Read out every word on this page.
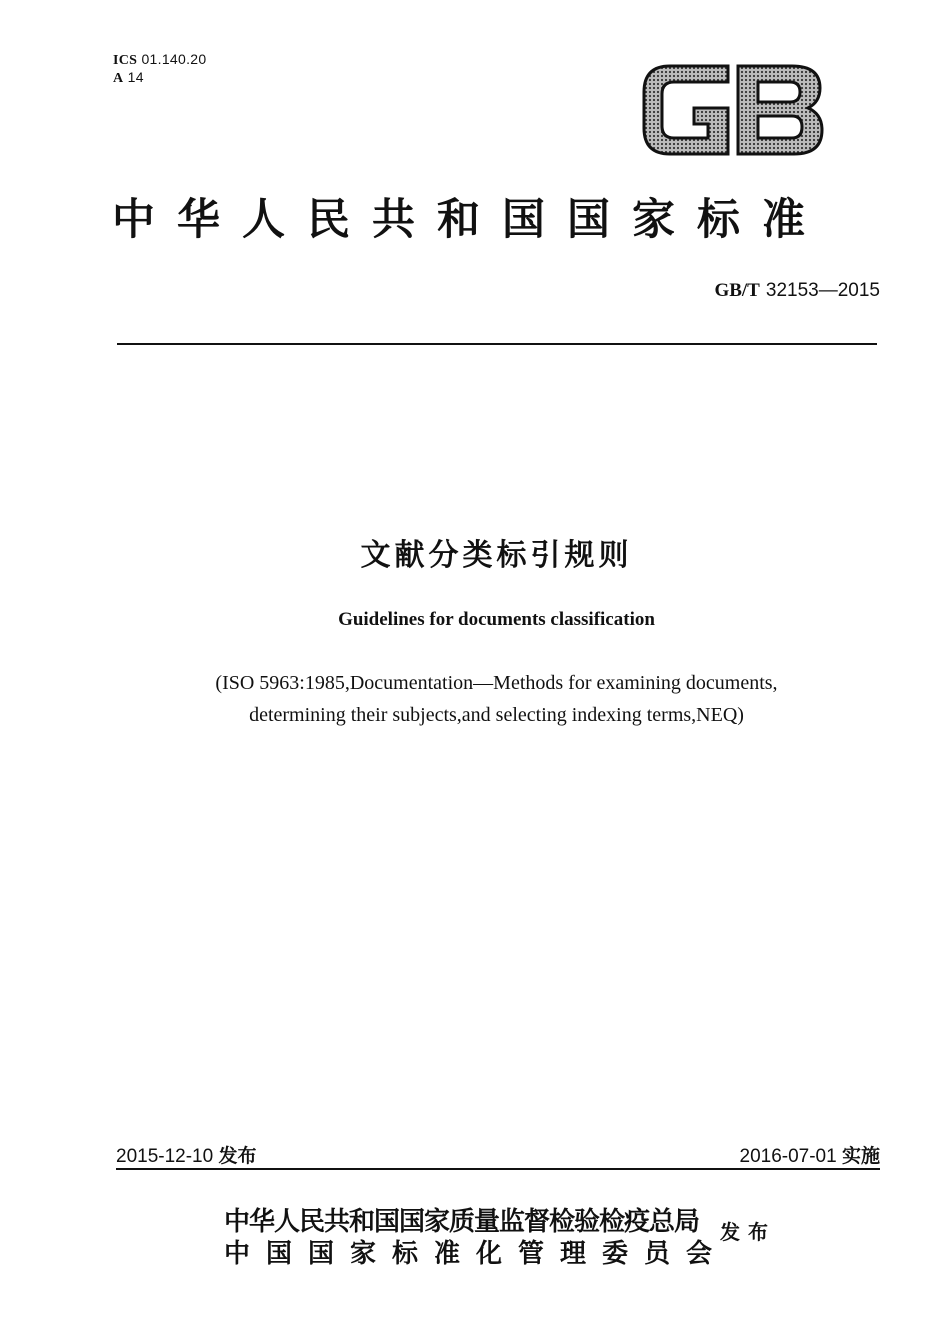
ICS 01.140.20
A 14
GB
中华人民共和国国家标准
GB/T 32153—2015
文献分类标引规则
Guidelines for documents classification
(ISO 5963:1985,Documentation—Methods for examining documents,
determining their subjects,and selecting indexing terms,NEQ)
2015-12-10 发布	2016-07-01 实施
中华人民共和国国家质量监督检验检疫总局
中国国家标准化管理委员会
发布
